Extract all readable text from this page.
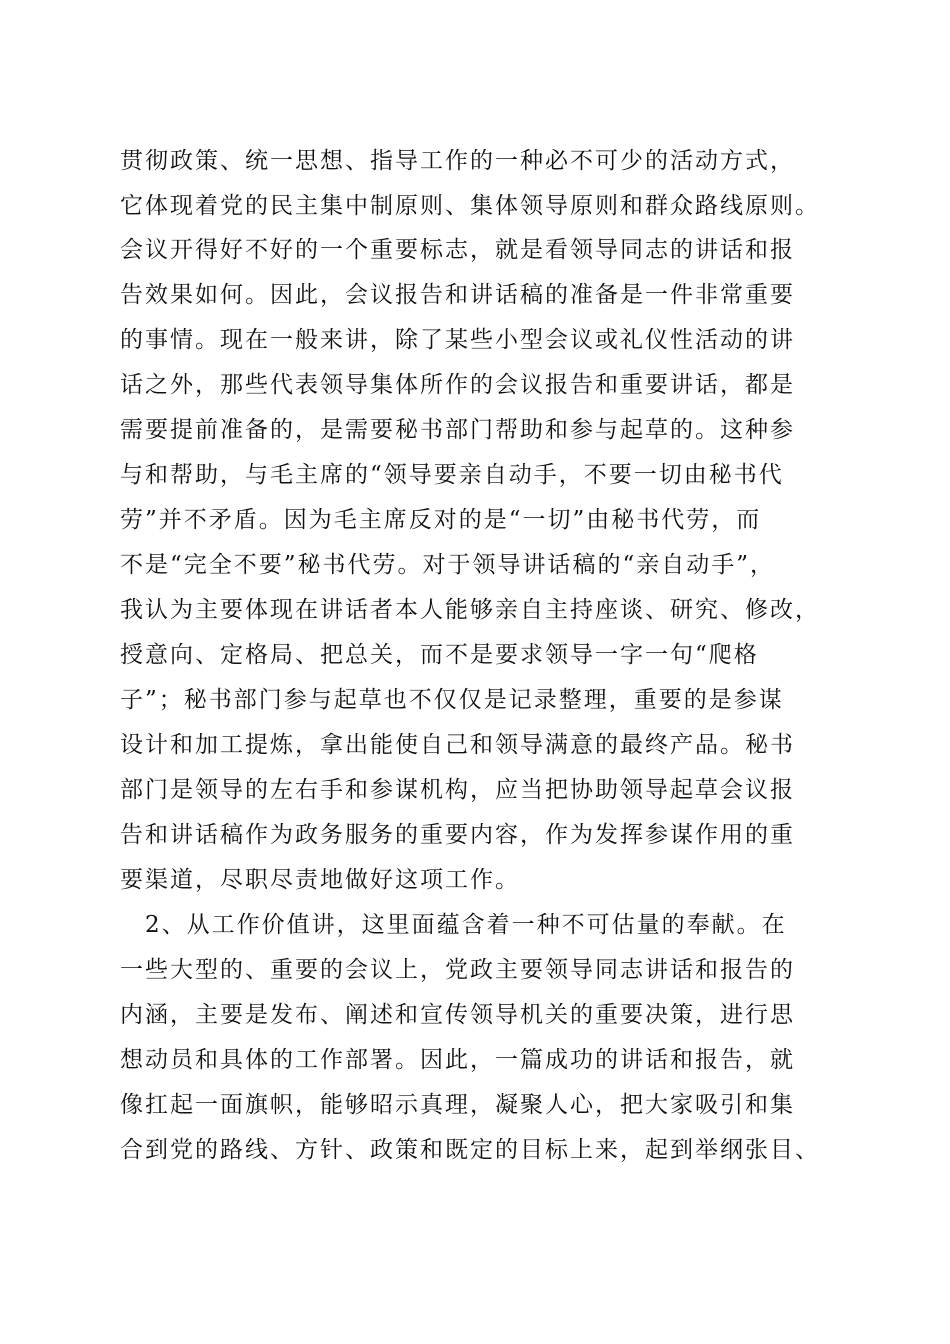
贯彻政策、统一思想、指导工作的一种必不可少的活动方式，
它体现着党的民主集中制原则、集体领导原则和群众路线原则。
会议开得好不好的一个重要标志，就是看领导同志的讲话和报
告效果如何。因此，会议报告和讲话稿的准备是一件非常重要
的事情。现在一般来讲，除了某些小型会议或礼仪性活动的讲
话之外，那些代表领导集体所作的会议报告和重要讲话，都是
需要提前准备的，是需要秘书部门帮助和参与起草的。这种参
与和帮助，与毛主席的“领导要亲自动手，不要一切由秘书代
劳”并不矛盾。因为毛主席反对的是“一切”由秘书代劳，而
不是“完全不要”秘书代劳。对于领导讲话稿的“亲自动手”，
我认为主要体现在讲话者本人能够亲自主持座谈、研究、修改，
授意向、定格局、把总关，而不是要求领导一字一句“爬格
子”；秘书部门参与起草也不仅仅是记录整理，重要的是参谋
设计和加工提炼，拿出能使自己和领导满意的最终产品。秘书
部门是领导的左右手和参谋机构，应当把协助领导起草会议报
告和讲话稿作为政务服务的重要内容，作为发挥参谋作用的重
要渠道，尽职尽责地做好这项工作。
2、从工作价值讲，这里面蕴含着一种不可估量的奉献。在
一些大型的、重要的会议上，党政主要领导同志讲话和报告的
内涵，主要是发布、阐述和宣传领导机关的重要决策，进行思
想动员和具体的工作部署。因此，一篇成功的讲话和报告，就
像扛起一面旗帜，能够昭示真理，凝聚人心，把大家吸引和集
合到党的路线、方针、政策和既定的目标上来，起到举纲张目、
